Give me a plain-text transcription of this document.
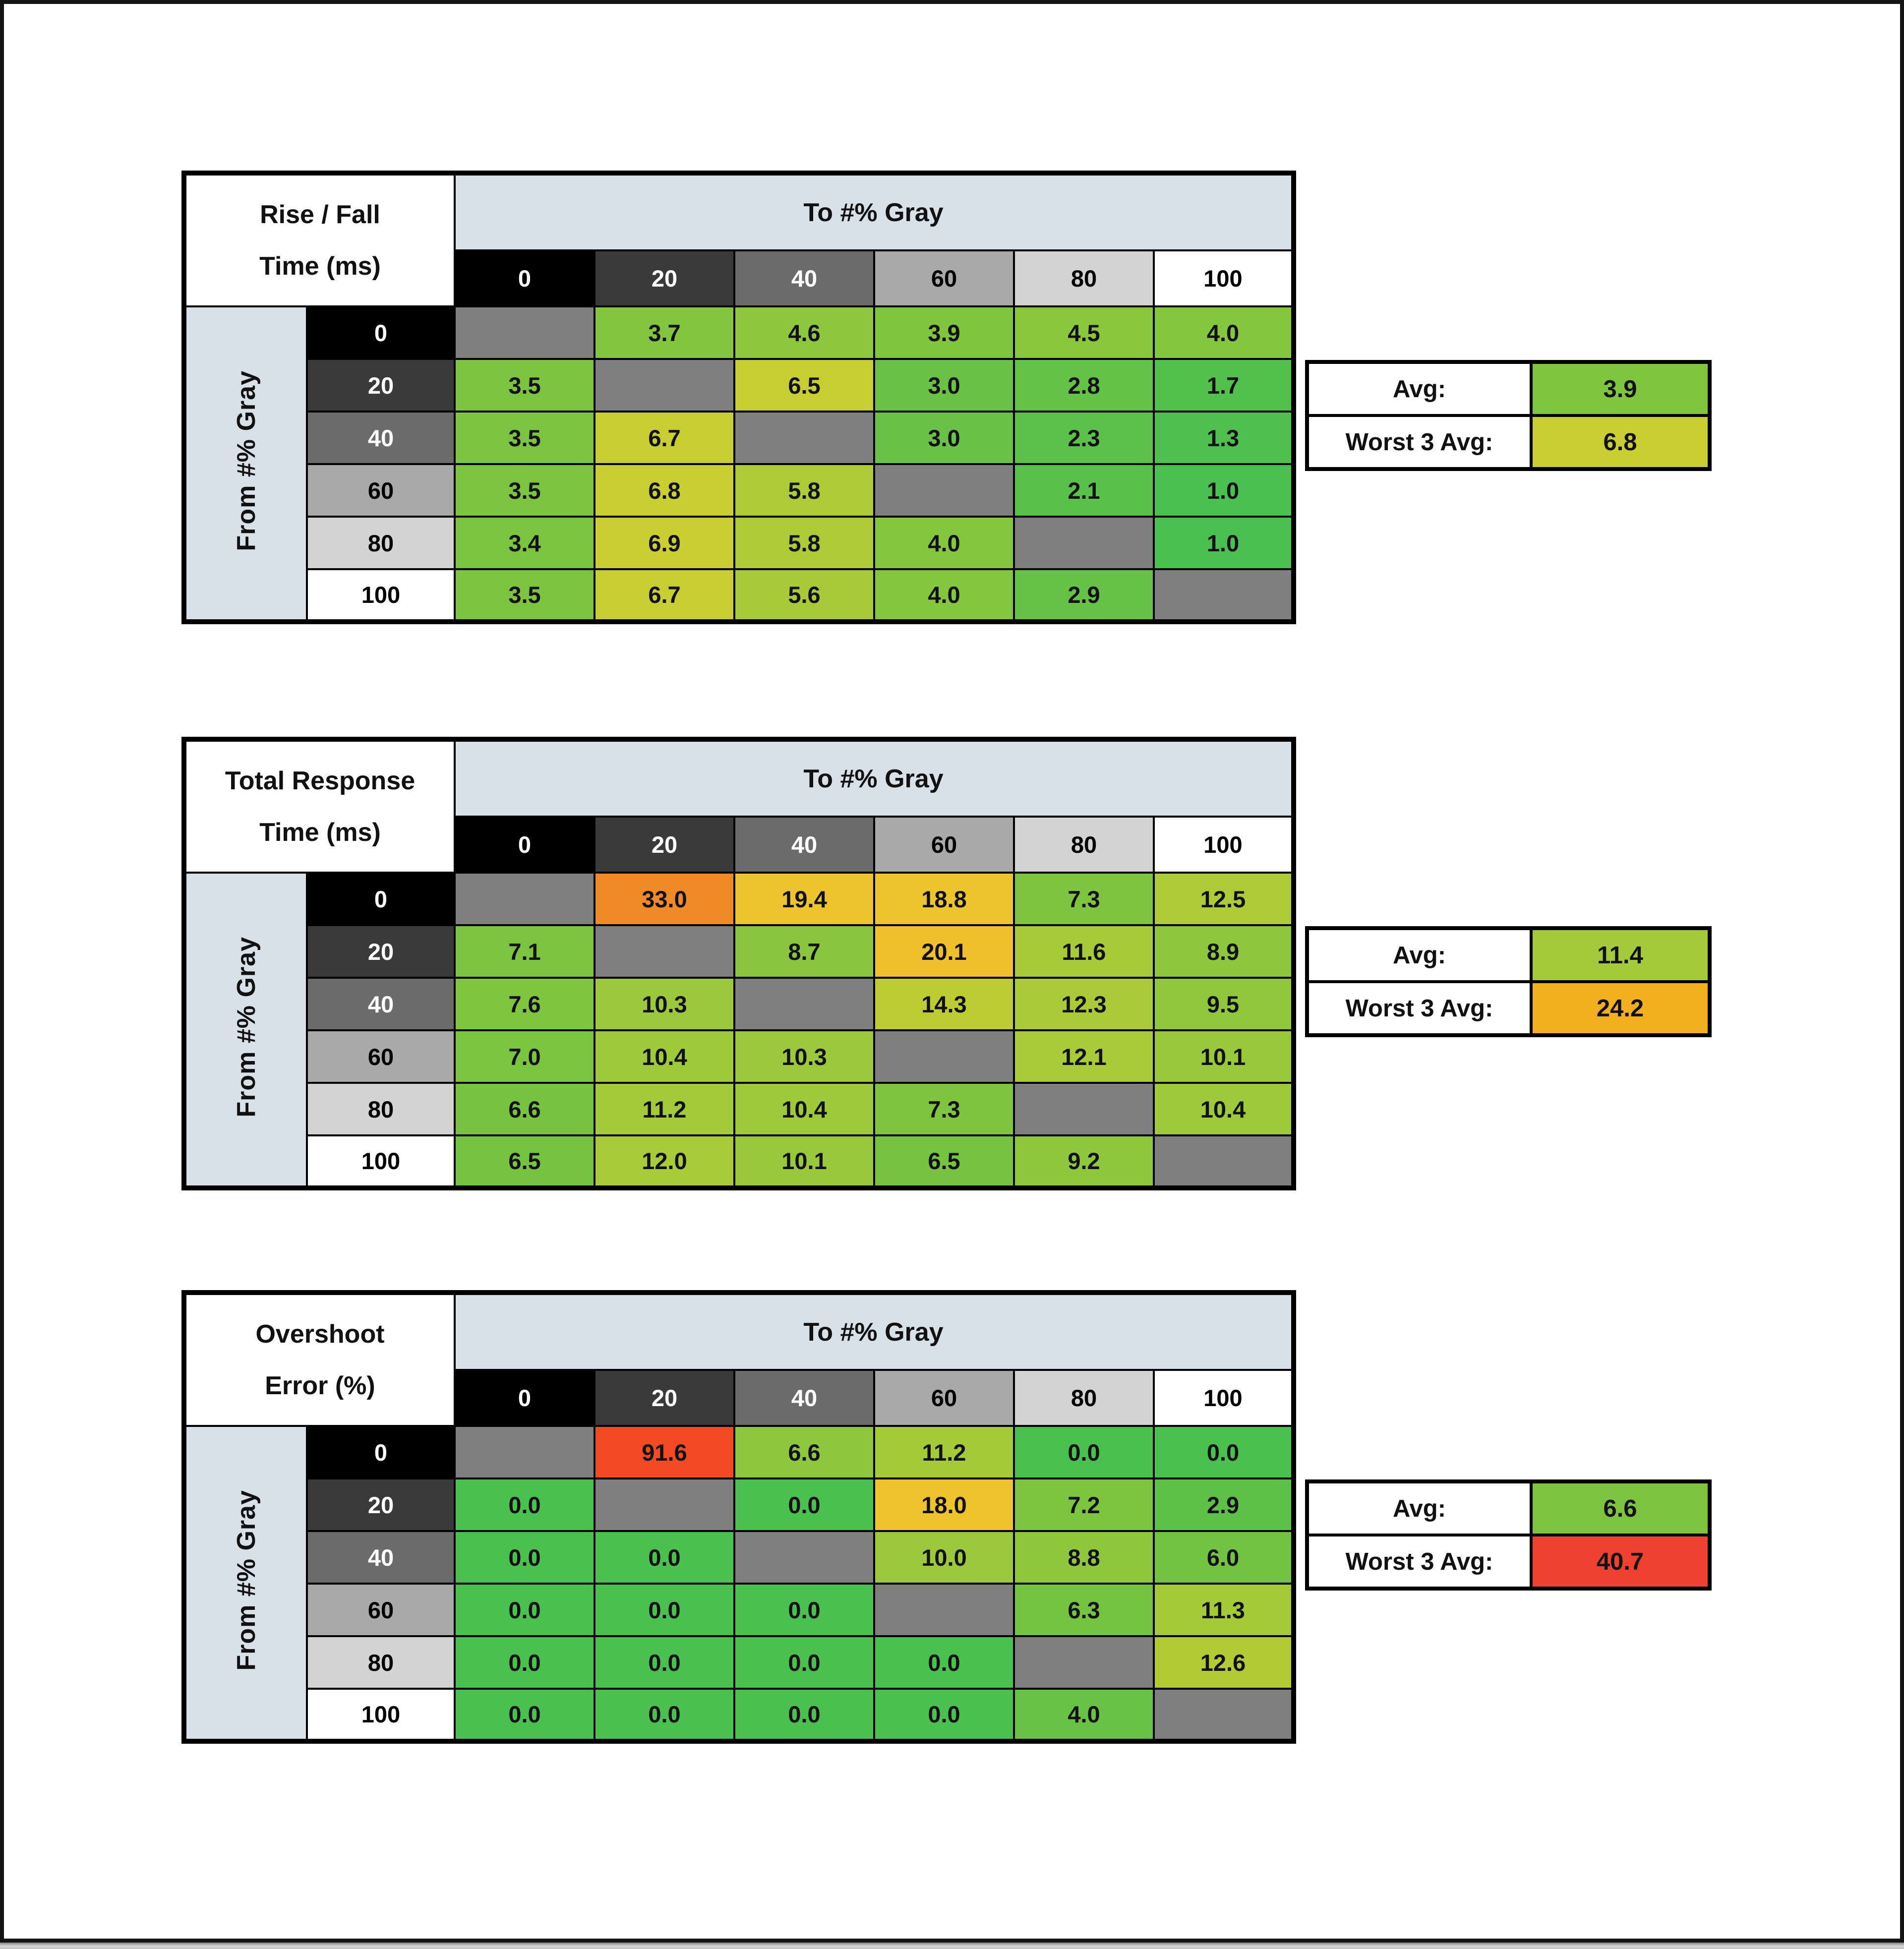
Rise / Fall
Time (ms)		To #% Gray					
		0	20	40	60	80	100
From #% Gray	0		3.7	4.6	3.9	4.5	4.0
	20	3.5		6.5	3.0	2.8	1.7
	40	3.5	6.7		3.0	2.3	1.3
	60	3.5	6.8	5.8		2.1	1.0
	80	3.4	6.9	5.8	4.0		1.0
	100	3.5	6.7	5.6	4.0	2.9	
Avg:	3.9
Worst 3 Avg:	6.8
Total Response
Time (ms)		To #% Gray					
		0	20	40	60	80	100
From #% Gray	0		33.0	19.4	18.8	7.3	12.5
	20	7.1		8.7	20.1	11.6	8.9
	40	7.6	10.3		14.3	12.3	9.5
	60	7.0	10.4	10.3		12.1	10.1
	80	6.6	11.2	10.4	7.3		10.4
	100	6.5	12.0	10.1	6.5	9.2	
Avg:	11.4
Worst 3 Avg:	24.2
Overshoot
Error (%)		To #% Gray					
		0	20	40	60	80	100
From #% Gray	0		91.6	6.6	11.2	0.0	0.0
	20	0.0		0.0	18.0	7.2	2.9
	40	0.0	0.0		10.0	8.8	6.0
	60	0.0	0.0	0.0		6.3	11.3
	80	0.0	0.0	0.0	0.0		12.6
	100	0.0	0.0	0.0	0.0	4.0	
Avg:	6.6
Worst 3 Avg:	40.7
